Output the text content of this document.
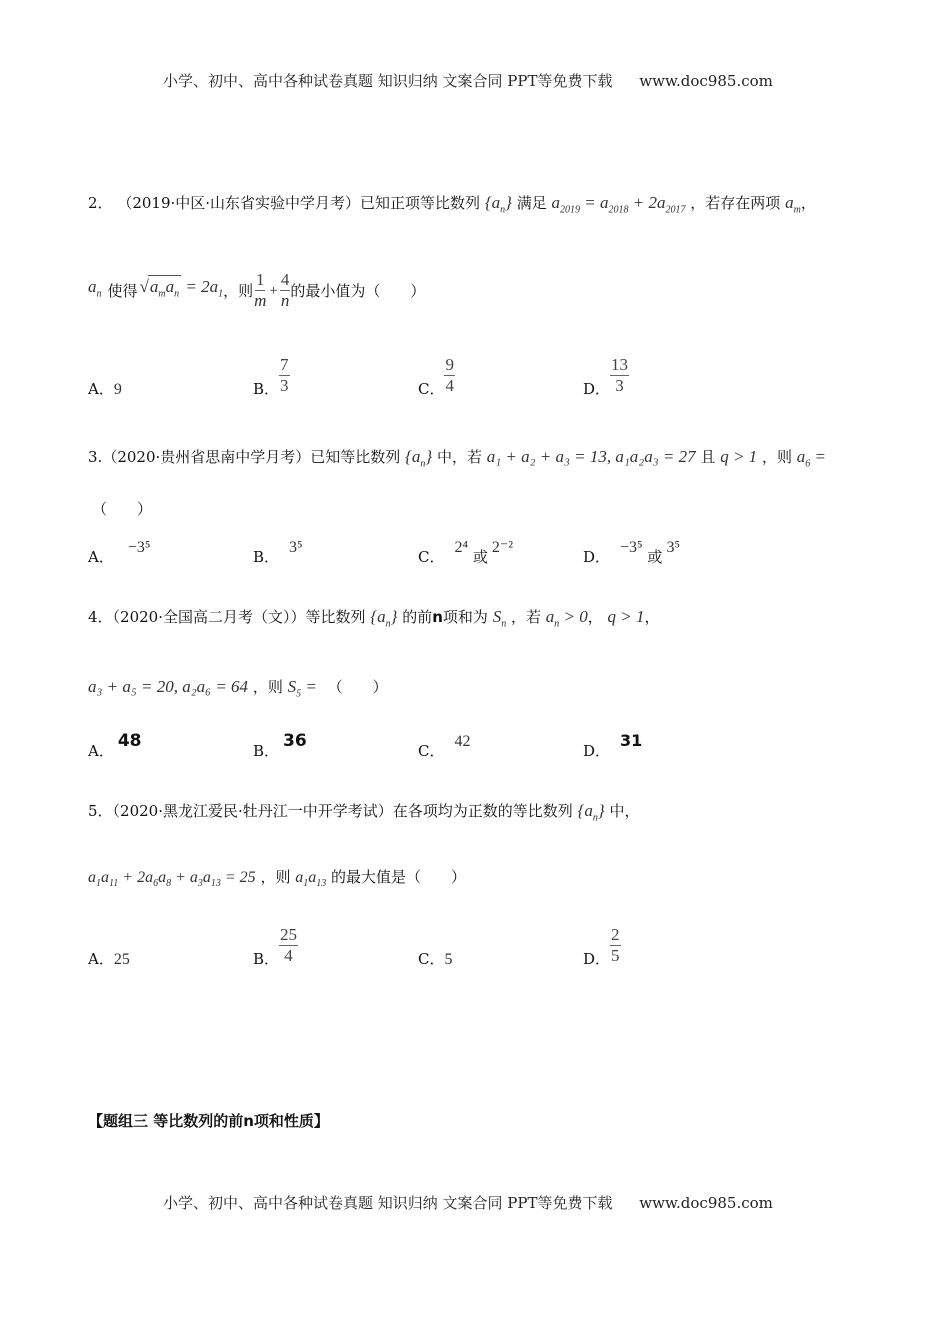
小学、初中、高中各种试卷真题 知识归纳 文案合同 PPT等免费下载 www.doc985.com
2． （2019·中区·山东省实验中学月考）已知正项等比数列 $\{a_n\}$ 满足 $a_{2019} = a_{2018} + 2a_{2017}$ ，若存在两项 $a_m$，
$a_n$ 使得 $√a_ma_n = 2a_1$ ，则 $\frac{1}{m} + \frac{4}{n}$ 的最小值为（　　）
A．9	B． $\frac{7}{3}$	C． $\frac{9}{4}$	D． $\frac{13}{3}$
3.（2020·贵州省思南中学月考）已知等比数列 $\{a_n\}$ 中，若 a₁ + a₂ + a₃ = 13, a₁a₂a₃ = 27 且 q > 1 ，则 $a_6$ =
（　　）
A．−3⁵
B．3⁵
C．2⁴ 或2⁻²
D．−3⁵ 或3⁵
4．（2020·全国高二月考（文））等比数列 $\{a_n\}$ 的前n项和为 $S_n$ ，若 $a_n > 0$， q > 1，
a₃ + a₅ = 20, a₂a₆ = 64 ，则 $S_5$ = （　　）
A． 48	B． 36	C．42
D．31
5．（2020·黑龙江爱民·牡丹江一中开学考试）在各项均为正数的等比数列 $\{a_n\}$ 中，
$a_1a_{11} + 2a_6a_8 + a_3a_{13} = 25$ ，则 $a_1a_{13}$ 的最大值是（　　）
A．25	B． $\frac{25}{4}$	C．5	D． $\frac{2}{5}$
【题组三 等比数列的前n项和性质】
小学、初中、高中各种试卷真题 知识归纳 文案合同 PPT等免费下载 www.doc985.com
